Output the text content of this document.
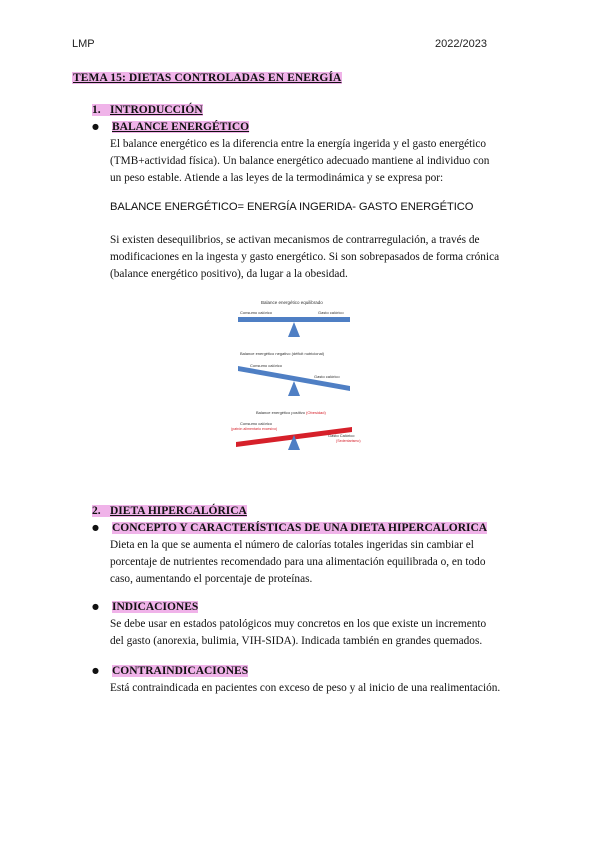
LMP	2022/2023
TEMA 15: DIETAS CONTROLADAS EN ENERGÍA
1. INTRODUCCIÓN
● BALANCE ENERGÉTICO
El balance energético es la diferencia entre la energía ingerida y el gasto energético
(TMB+actividad física). Un balance energético adecuado mantiene al individuo con
un peso estable. Atiende a las leyes de la termodinámica y se expresa por:
BALANCE ENERGÉTICO= ENERGÍA INGERIDA- GASTO ENERGÉTICO
Si existen desequilibrios, se activan mecanismos de contrarregulación, a través de
modificaciones en la ingesta y gasto energético. Si son sobrepasados de forma crónica
(balance energético positivo), da lugar a la obesidad.
Balance energético equilibrado
Consumo calórico	Gasto calórico
Balance energético negativo (déficit nutricional)
Consumo calórico
Gasto calórico
Balance energético positivo (Obesidad)
Consumo calórico
(patrón alimentario excesivo)
Gasto Calórico
(Sedentarismo)
2. DIETA HIPERCALÓRICA
● CONCEPTO Y CARACTERÍSTICAS DE UNA DIETA HIPERCALORICA
Dieta en la que se aumenta el número de calorías totales ingeridas sin cambiar el
porcentaje de nutrientes recomendado para una alimentación equilibrada o, en todo
caso, aumentando el porcentaje de proteínas.
● INDICACIONES
Se debe usar en estados patológicos muy concretos en los que existe un incremento
del gasto (anorexia, bulimia, VIH-SIDA). Indicada también en grandes quemados.
● CONTRAINDICACIONES
Está contraindicada en pacientes con exceso de peso y al inicio de una realimentación.
